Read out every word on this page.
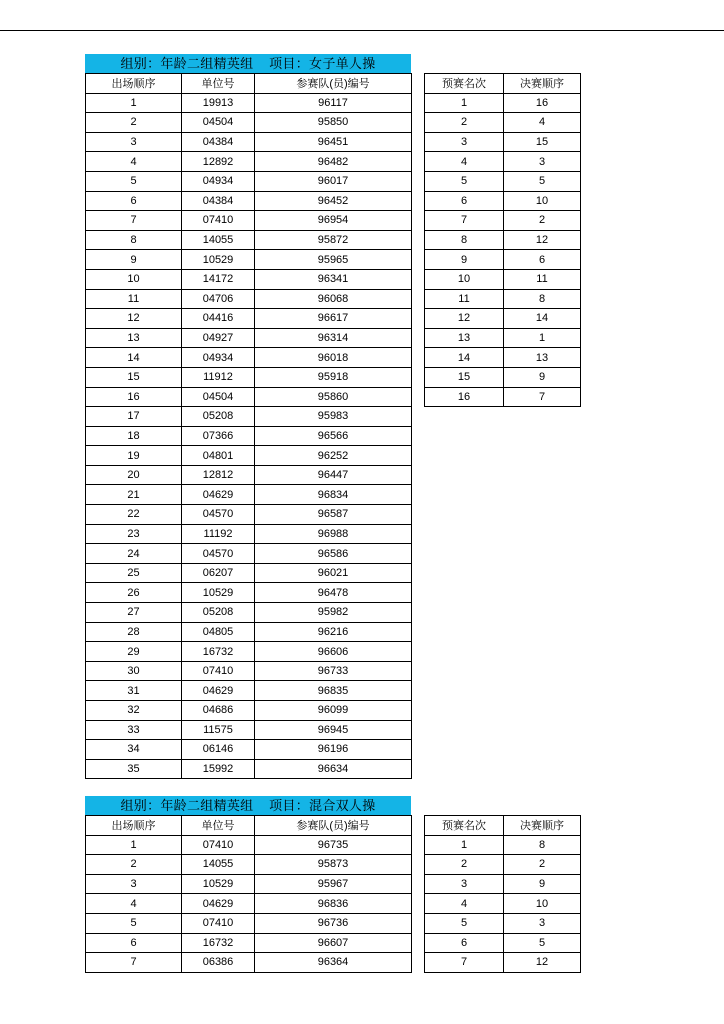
组别：年龄二组精英组    项目：女子单人操
出场顺序	单位号	参赛队(员)编号
1	19913	96117
2	04504	95850
3	04384	96451
4	12892	96482
5	04934	96017
6	04384	96452
7	07410	96954
8	14055	95872
9	10529	95965
10	14172	96341
11	04706	96068
12	04416	96617
13	04927	96314
14	04934	96018
15	11912	95918
16	04504	95860
17	05208	95983
18	07366	96566
19	04801	96252
20	12812	96447
21	04629	96834
22	04570	96587
23	11192	96988
24	04570	96586
25	06207	96021
26	10529	96478
27	05208	95982
28	04805	96216
29	16732	96606
30	07410	96733
31	04629	96835
32	04686	96099
33	11575	96945
34	06146	96196
35	15992	96634
预赛名次	决赛顺序
1	16
2	4
3	15
4	3
5	5
6	10
7	2
8	12
9	6
10	11
11	8
12	14
13	1
14	13
15	9
16	7
组别：年龄二组精英组    项目：混合双人操
出场顺序	单位号	参赛队(员)编号
1	07410	96735
2	14055	95873
3	10529	95967
4	04629	96836
5	07410	96736
6	16732	96607
7	06386	96364
预赛名次	决赛顺序
1	8
2	2
3	9
4	10
5	3
6	5
7	12
